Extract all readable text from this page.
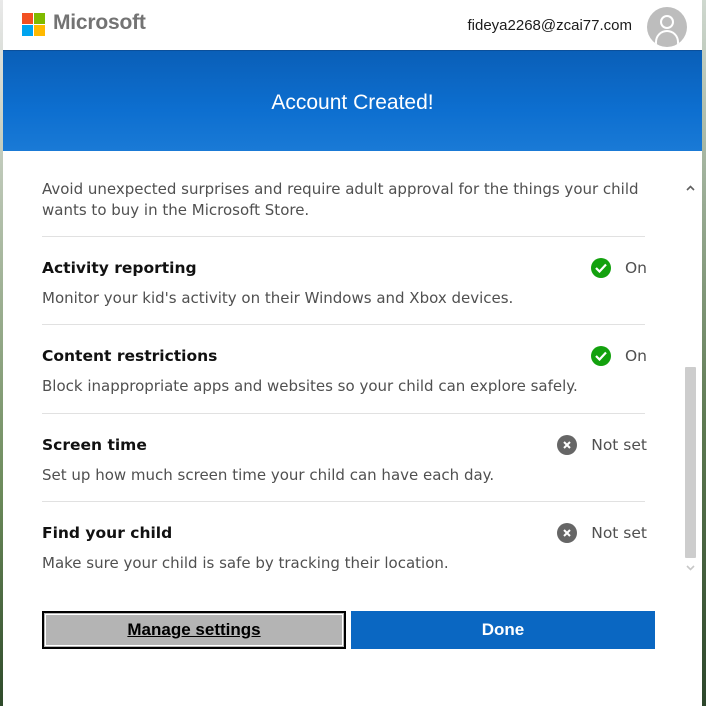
Microsoft	fideya2268@zcai77.com
Account Created!
Avoid unexpected surprises and require adult approval for the things your child wants to buy in the Microsoft Store.
Activity reporting	On
Monitor your kid's activity on their Windows and Xbox devices.
Content restrictions	On
Block inappropriate apps and websites so your child can explore safely.
Screen time	Not set
Set up how much screen time your child can have each day.
Find your child	Not set
Make sure your child is safe by tracking their location.
Manage settings	Done
